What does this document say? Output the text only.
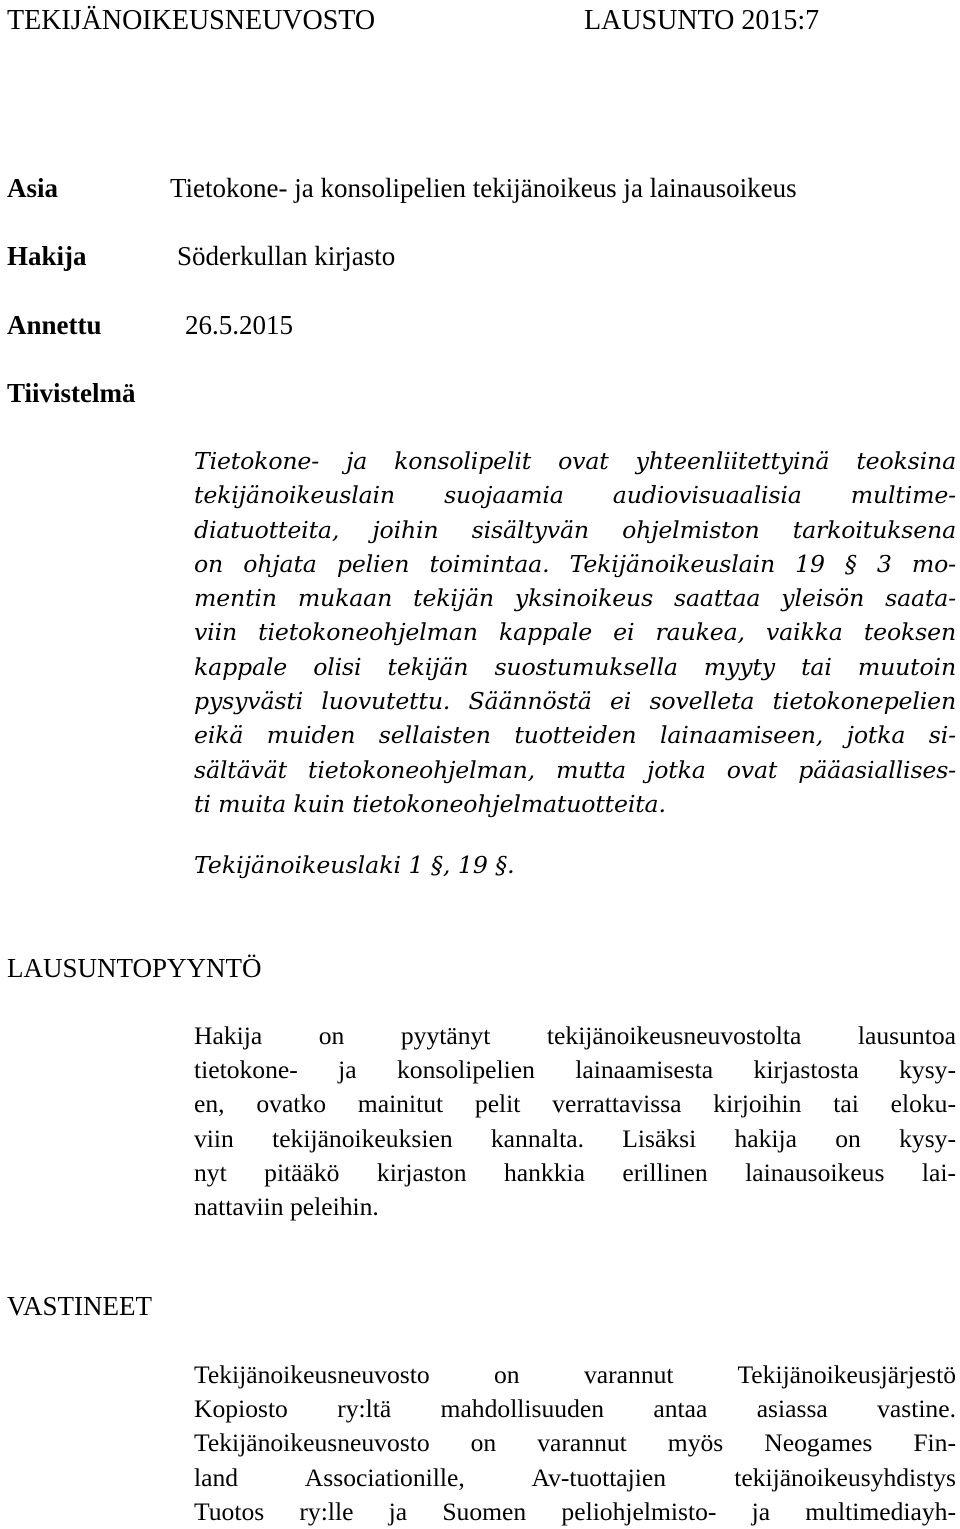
TEKIJÄNOIKEUSNEUVOSTO	LAUSUNTO 2015:7
Asia	Tietokone- ja konsolipelien tekijänoikeus ja lainausoikeus
Hakija	Söderkullan kirjasto
Annettu	26.5.2015
Tiivistelmä
Tietokone- ja konsolipelit ovat yhteenliitettyinä teoksina
tekijänoikeuslain suojaamia audiovisuaalisia multime-
diatuotteita, joihin sisältyvän ohjelmiston tarkoituksena
on ohjata pelien toimintaa. Tekijänoikeuslain 19 § 3 mo-
mentin mukaan tekijän yksinoikeus saattaa yleisön saata-
viin tietokoneohjelman kappale ei raukea, vaikka teoksen
kappale olisi tekijän suostumuksella myyty tai muutoin
pysyvästi luovutettu. Säännöstä ei sovelleta tietokonepelien
eikä muiden sellaisten tuotteiden lainaamiseen, jotka si-
sältävät tietokoneohjelman, mutta jotka ovat pääasiallises-
ti muita kuin tietokoneohjelmatuotteita.
Tekijänoikeuslaki 1 §, 19 §.
LAUSUNTOPYYNTÖ
Hakija on pyytänyt tekijänoikeusneuvostolta lausuntoa
tietokone- ja konsolipelien lainaamisesta kirjastosta kysy-
en, ovatko mainitut pelit verrattavissa kirjoihin tai eloku-
viin tekijänoikeuksien kannalta. Lisäksi hakija on kysy-
nyt pitääkö kirjaston hankkia erillinen lainausoikeus lai-
nattaviin peleihin.
VASTINEET
Tekijänoikeusneuvosto on varannut Tekijänoikeusjärjestö
Kopiosto ry:ltä mahdollisuuden antaa asiassa vastine.
Tekijänoikeusneuvosto on varannut myös Neogames Fin-
land Associationille, Av-tuottajien tekijänoikeusyhdistys
Tuotos ry:lle ja Suomen peliohjelmisto- ja multimediayh-
